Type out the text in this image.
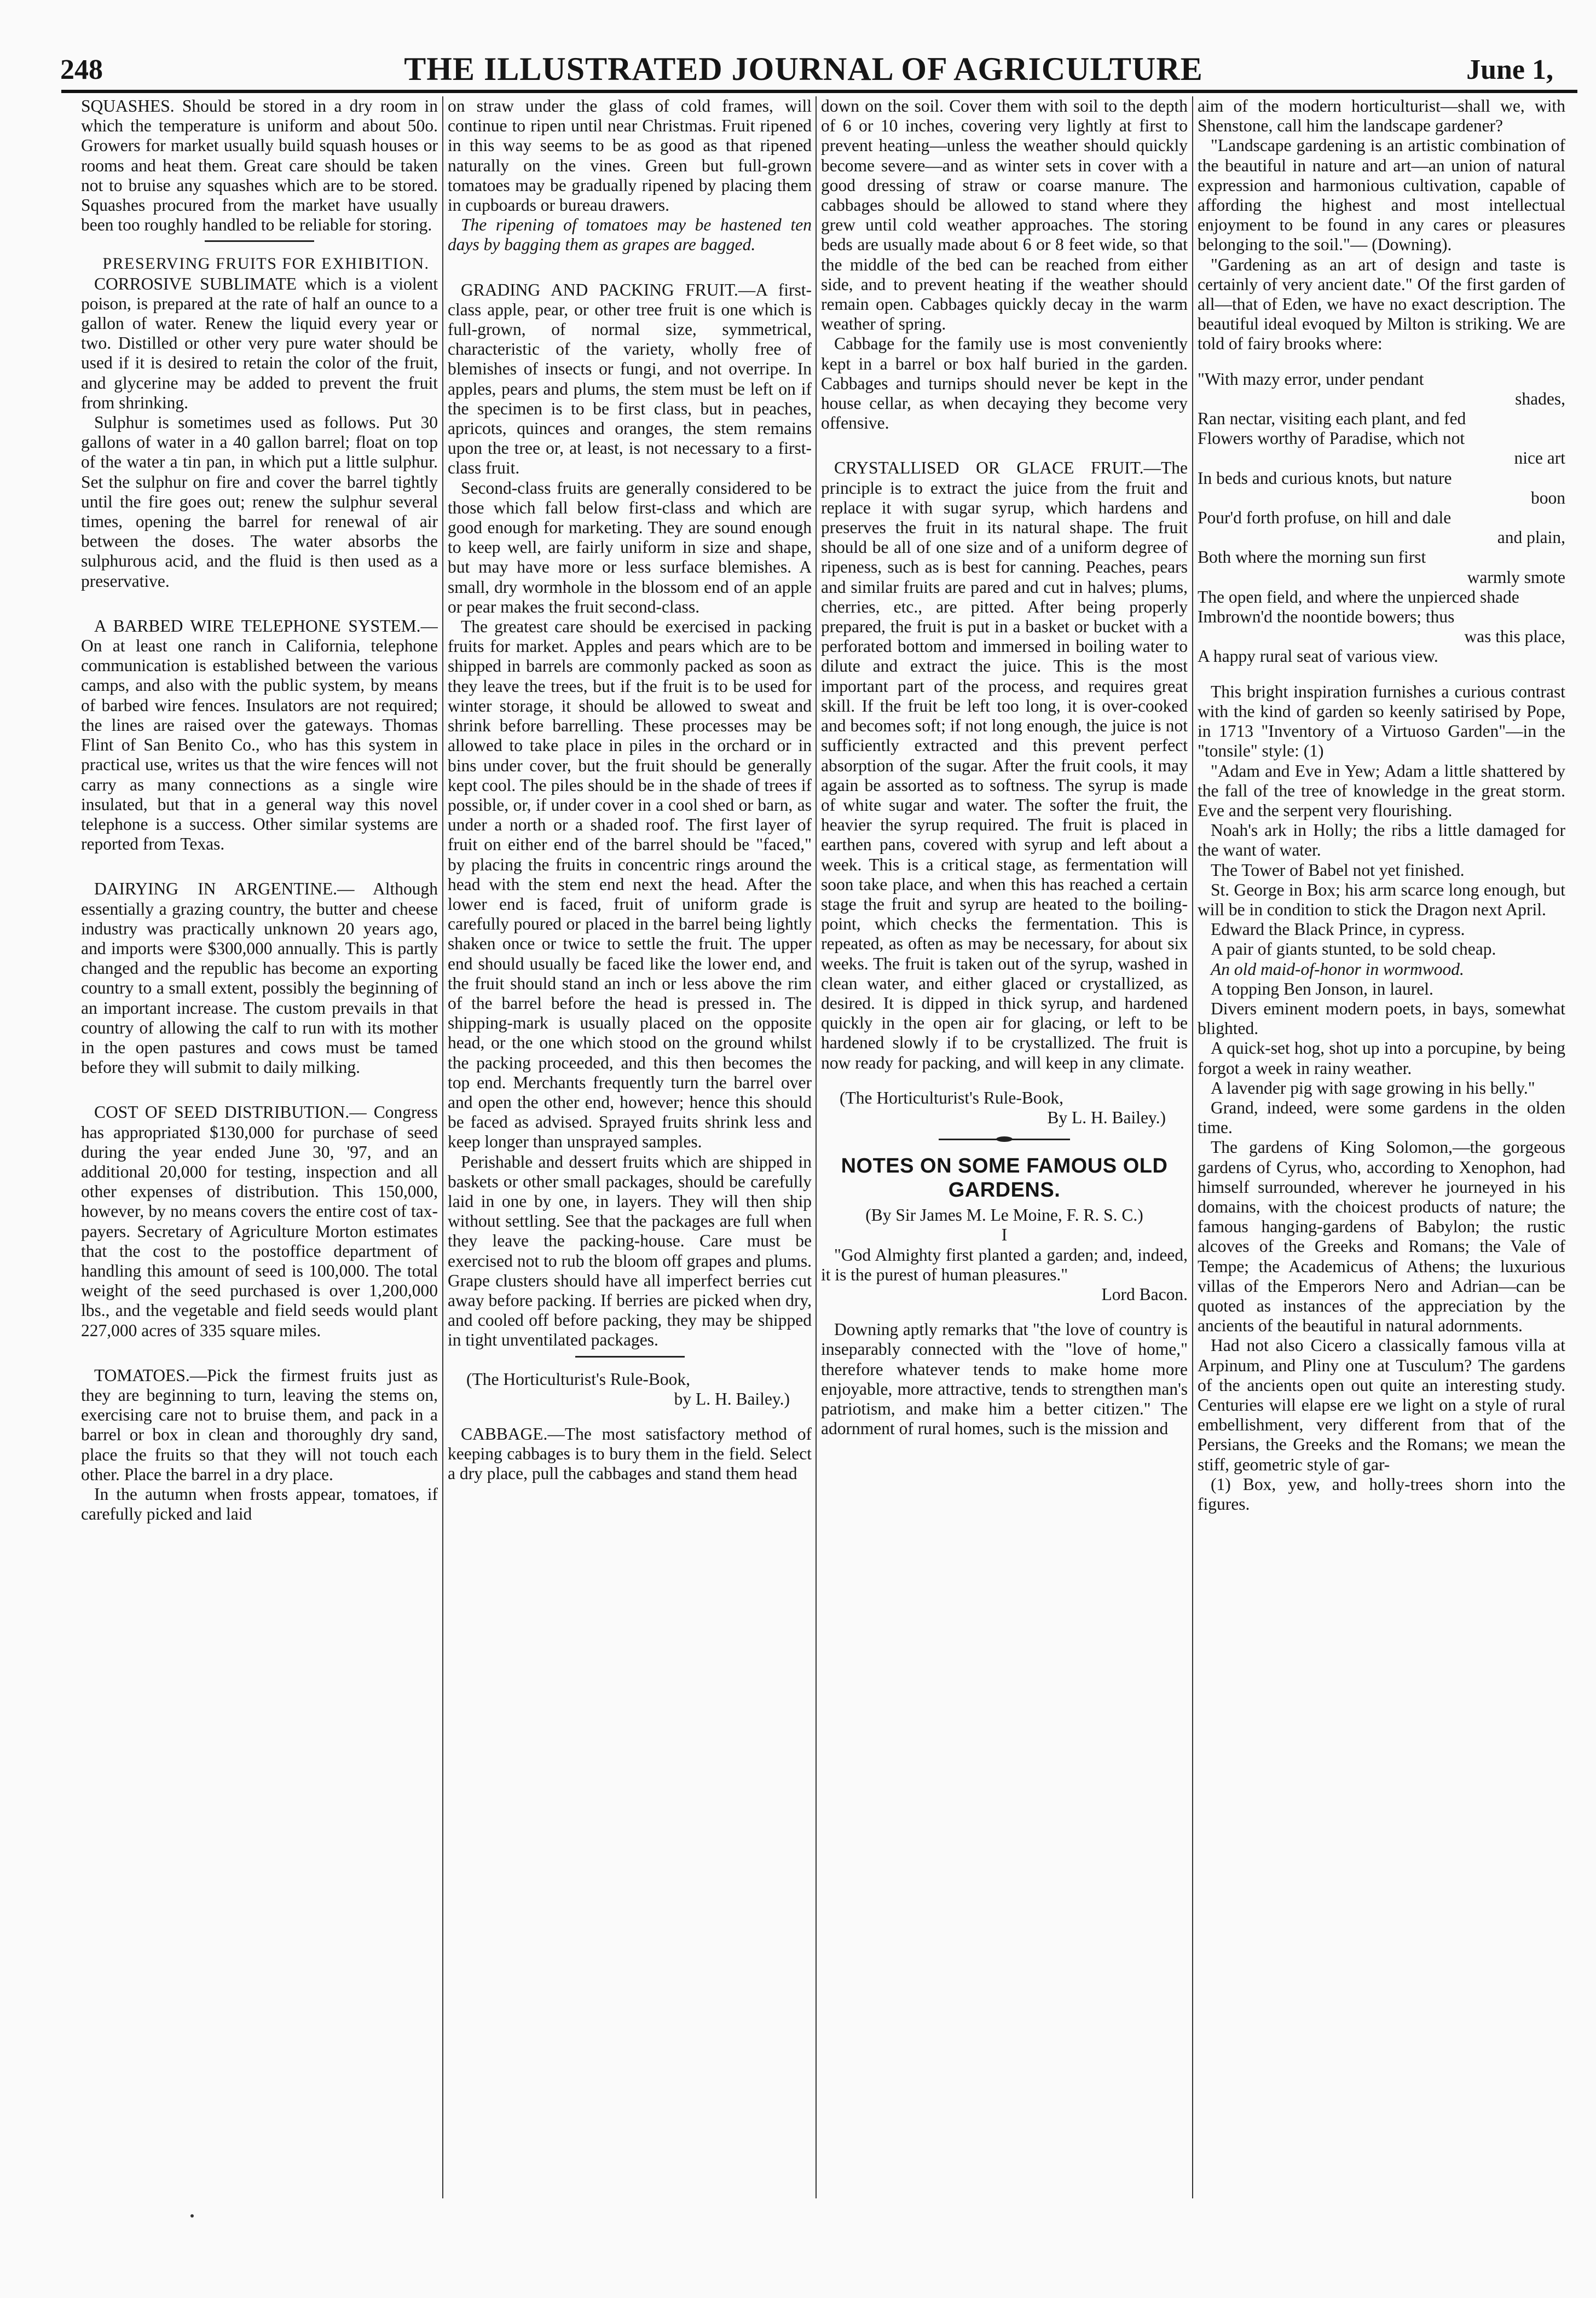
248	THE ILLUSTRATED JOURNAL OF AGRICULTURE	June 1,

SQUASHES. Should be stored in a dry room in which the temperature is uniform and about 50o. Growers for market usually build squash houses or rooms and heat them. Great care should be taken not to bruise any squashes which are to be stored. Squashes procured from the market have usually been too roughly handled to be reliable for storing.

PRESERVING FRUITS FOR EXHIBITION.

CORROSIVE SUBLIMATE which is a violent poison, is prepared at the rate of half an ounce to a gallon of water. Renew the liquid every year or two. Distilled or other very pure water should be used if it is desired to retain the color of the fruit, and glycerine may be added to prevent the fruit from shrinking.

Sulphur is sometimes used as follows. Put 30 gallons of water in a 40 gallon barrel; float on top of the water a tin pan, in which put a little sulphur. Set the sulphur on fire and cover the barrel tightly until the fire goes out; renew the sulphur several times, opening the barrel for renewal of air between the doses. The water absorbs the sulphurous acid, and the fluid is then used as a preservative.

A BARBED WIRE TELEPHONE SYSTEM.—On at least one ranch in California, telephone communication is established between the various camps, and also with the public system, by means of barbed wire fences. Insulators are not required; the lines are raised over the gateways. Thomas Flint of San Benito Co., who has this system in practical use, writes us that the wire fences will not carry as many connections as a single wire insulated, but that in a general way this novel telephone is a success. Other similar systems are reported from Texas.

DAIRYING IN ARGENTINE.— Although essentially a grazing country, the butter and cheese industry was practically unknown 20 years ago, and imports were $300,000 annually. This is partly changed and the republic has become an exporting country to a small extent, possibly the beginning of an important increase. The custom prevails in that country of allowing the calf to run with its mother in the open pastures and cows must be tamed before they will submit to daily milking.

COST OF SEED DISTRIBUTION.— Congress has appropriated $130,000 for purchase of seed during the year ended June 30, '97, and an additional 20,000 for testing, inspection and all other expenses of distribution. This 150,000, however, by no means covers the entire cost of tax-payers. Secretary of Agriculture Morton estimates that the cost to the postoffice department of handling this amount of seed is 100,000. The total weight of the seed purchased is over 1,200,000 lbs., and the vegetable and field seeds would plant 227,000 acres of 335 square miles.

TOMATOES.—Pick the firmest fruits just as they are beginning to turn, leaving the stems on, exercising care not to bruise them, and pack in a barrel or box in clean and thoroughly dry sand, place the fruits so that they will not touch each other. Place the barrel in a dry place.

In the autumn when frosts appear, tomatoes, if carefully picked and laid

on straw under the glass of cold frames, will continue to ripen until near Christmas. Fruit ripened in this way seems to be as good as that ripened naturally on the vines. Green but full-grown tomatoes may be gradually ripened by placing them in cupboards or bureau drawers.

The ripening of tomatoes may be hastened ten days by bagging them as grapes are bagged.

GRADING AND PACKING FRUIT.—A first-class apple, pear, or other tree fruit is one which is full-grown, of normal size, symmetrical, characteristic of the variety, wholly free of blemishes of insects or fungi, and not overripe. In apples, pears and plums, the stem must be left on if the specimen is to be first class, but in peaches, apricots, quinces and oranges, the stem remains upon the tree or, at least, is not necessary to a first-class fruit.

Second-class fruits are generally considered to be those which fall below first-class and which are good enough for marketing. They are sound enough to keep well, are fairly uniform in size and shape, but may have more or less surface blemishes. A small, dry wormhole in the blossom end of an apple or pear makes the fruit second-class.

The greatest care should be exercised in packing fruits for market. Apples and pears which are to be shipped in barrels are commonly packed as soon as they leave the trees, but if the fruit is to be used for winter storage, it should be allowed to sweat and shrink before barrelling. These processes may be allowed to take place in piles in the orchard or in bins under cover, but the fruit should be generally kept cool. The piles should be in the shade of trees if possible, or, if under cover in a cool shed or barn, as under a north or a shaded roof. The first layer of fruit on either end of the barrel should be "faced," by placing the fruits in concentric rings around the head with the stem end next the head. After the lower end is faced, fruit of uniform grade is carefully poured or placed in the barrel being lightly shaken once or twice to settle the fruit. The upper end should usually be faced like the lower end, and the fruit should stand an inch or less above the rim of the barrel before the head is pressed in. The shipping-mark is usually placed on the opposite head, or the one which stood on the ground whilst the packing proceeded, and this then becomes the top end. Merchants frequently turn the barrel over and open the other end, however; hence this should be faced as advised. Sprayed fruits shrink less and keep longer than unsprayed samples.

Perishable and dessert fruits which are shipped in baskets or other small packages, should be carefully laid in one by one, in layers. They will then ship without settling. See that the packages are full when they leave the packing-house. Care must be exercised not to rub the bloom off grapes and plums. Grape clusters should have all imperfect berries cut away before packing. If berries are picked when dry, and cooled off before packing, they may be shipped in tight unventilated packages.

(The Horticulturist's Rule-Book,

by L. H. Bailey.)

CABBAGE.—The most satisfactory method of keeping cabbages is to bury them in the field. Select a dry place, pull the cabbages and stand them head

down on the soil. Cover them with soil to the depth of 6 or 10 inches, covering very lightly at first to prevent heating—unless the weather should quickly become severe—and as winter sets in cover with a good dressing of straw or coarse manure. The cabbages should be allowed to stand where they grew until cold weather approaches. The storing beds are usually made about 6 or 8 feet wide, so that the middle of the bed can be reached from either side, and to prevent heating if the weather should remain open. Cabbages quickly decay in the warm weather of spring.

Cabbage for the family use is most conveniently kept in a barrel or box half buried in the garden. Cabbages and turnips should never be kept in the house cellar, as when decaying they become very offensive.

CRYSTALLISED OR GLACE FRUIT.—The principle is to extract the juice from the fruit and replace it with sugar syrup, which hardens and preserves the fruit in its natural shape. The fruit should be all of one size and of a uniform degree of ripeness, such as is best for canning. Peaches, pears and similar fruits are pared and cut in halves; plums, cherries, etc., are pitted. After being properly prepared, the fruit is put in a basket or bucket with a perforated bottom and immersed in boiling water to dilute and extract the juice. This is the most important part of the process, and requires great skill. If the fruit be left too long, it is over-cooked and becomes soft; if not long enough, the juice is not sufficiently extracted and this prevent perfect absorption of the sugar. After the fruit cools, it may again be assorted as to softness. The syrup is made of white sugar and water. The softer the fruit, the heavier the syrup required. The fruit is placed in earthen pans, covered with syrup and left about a week. This is a critical stage, as fermentation will soon take place, and when this has reached a certain stage the fruit and syrup are heated to the boiling-point, which checks the fermentation. This is repeated, as often as may be necessary, for about six weeks. The fruit is taken out of the syrup, washed in clean water, and either glaced or crystallized, as desired. It is dipped in thick syrup, and hardened quickly in the open air for glacing, or left to be hardened slowly if to be crystallized. The fruit is now ready for packing, and will keep in any climate.

(The Horticulturist's Rule-Book,

By L. H. Bailey.)

NOTES ON SOME FAMOUS OLD GARDENS.

(By Sir James M. Le Moine, F. R. S. C.)

I

"God Almighty first planted a garden; and, indeed, it is the purest of human pleasures."

Lord Bacon.

Downing aptly remarks that "the love of country is inseparably connected with the "love of home," therefore whatever tends to make home more enjoyable, more attractive, tends to strengthen man's patriotism, and make him a better citizen." The adornment of rural homes, such is the mission and

aim of the modern horticulturist—shall we, with Shenstone, call him the landscape gardener?

"Landscape gardening is an artistic combination of the beautiful in nature and art—an union of natural expression and harmonious cultivation, capable of affording the highest and most intellectual enjoyment to be found in any cares or pleasures belonging to the soil."— (Downing).

"Gardening as an art of design and taste is certainly of very ancient date." Of the first garden of all—that of Eden, we have no exact description. The beautiful ideal evoqued by Milton is striking. We are told of fairy brooks where:

"With mazy error, under pendant

shades,

Ran nectar, visiting each plant, and fed

Flowers worthy of Paradise, which not

nice art

In beds and curious knots, but nature

boon

Pour'd forth profuse, on hill and dale

and plain,

Both where the morning sun first

warmly smote

The open field, and where the unpierced shade

Imbrown'd the noontide bowers; thus

was this place,

A happy rural seat of various view.

This bright inspiration furnishes a curious contrast with the kind of garden so keenly satirised by Pope, in 1713 "Inventory of a Virtuoso Garden"—in the "tonsile" style: (1)

"Adam and Eve in Yew; Adam a little shattered by the fall of the tree of knowledge in the great storm. Eve and the serpent very flourishing.

Noah's ark in Holly; the ribs a little damaged for the want of water.

The Tower of Babel not yet finished.

St. George in Box; his arm scarce long enough, but will be in condition to stick the Dragon next April.

Edward the Black Prince, in cypress.

A pair of giants stunted, to be sold cheap.

An old maid-of-honor in wormwood.

A topping Ben Jonson, in laurel.

Divers eminent modern poets, in bays, somewhat blighted.

A quick-set hog, shot up into a porcupine, by being forgot a week in rainy weather.

A lavender pig with sage growing in his belly."

Grand, indeed, were some gardens in the olden time.

The gardens of King Solomon,—the gorgeous gardens of Cyrus, who, according to Xenophon, had himself surrounded, wherever he journeyed in his domains, with the choicest products of nature; the famous hanging-gardens of Babylon; the rustic alcoves of the Greeks and Romans; the Vale of Tempe; the Academicus of Athens; the luxurious villas of the Emperors Nero and Adrian—can be quoted as instances of the appreciation by the ancients of the beautiful in natural adornments.

Had not also Cicero a classically famous villa at Arpinum, and Pliny one at Tusculum? The gardens of the ancients open out quite an interesting study. Centuries will elapse ere we light on a style of rural embellishment, very different from that of the Persians, the Greeks and the Romans; we mean the stiff, geometric style of gar-

(1) Box, yew, and holly-trees shorn into the figures.
